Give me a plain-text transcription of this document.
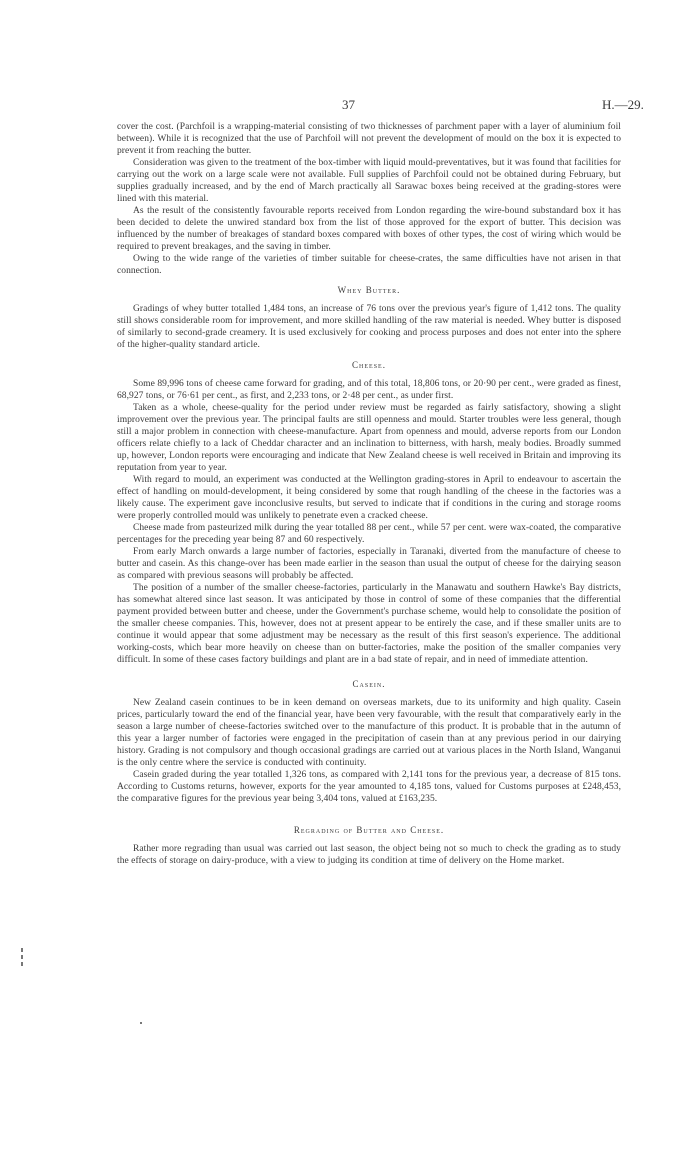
37	H.—29.

cover the cost. (Parchfoil is a wrapping-material consisting of two thicknesses of parchment paper with a layer of aluminium foil between). While it is recognized that the use of Parchfoil will not prevent the development of mould on the box it is expected to prevent it from reaching the butter.

Consideration was given to the treatment of the box-timber with liquid mould-preventatives, but it was found that facilities for carrying out the work on a large scale were not available. Full supplies of Parchfoil could not be obtained during February, but supplies gradually increased, and by the end of March practically all Sarawac boxes being received at the grading-stores were lined with this material.

As the result of the consistently favourable reports received from London regarding the wire-bound substandard box it has been decided to delete the unwired standard box from the list of those approved for the export of butter. This decision was influenced by the number of breakages of standard boxes compared with boxes of other types, the cost of wiring which would be required to prevent breakages, and the saving in timber.

Owing to the wide range of the varieties of timber suitable for cheese-crates, the same difficulties have not arisen in that connection.

Whey Butter.

Gradings of whey butter totalled 1,484 tons, an increase of 76 tons over the previous year's figure of 1,412 tons. The quality still shows considerable room for improvement, and more skilled handling of the raw material is needed. Whey butter is disposed of similarly to second-grade creamery. It is used exclusively for cooking and process purposes and does not enter into the sphere of the higher-quality standard article.

Cheese.

Some 89,996 tons of cheese came forward for grading, and of this total, 18,806 tons, or 20·90 per cent., were graded as finest, 68,927 tons, or 76·61 per cent., as first, and 2,233 tons, or 2·48 per cent., as under first.

Taken as a whole, cheese-quality for the period under review must be regarded as fairly satisfactory, showing a slight improvement over the previous year. The principal faults are still openness and mould. Starter troubles were less general, though still a major problem in connection with cheese-manufacture. Apart from openness and mould, adverse reports from our London officers relate chiefly to a lack of Cheddar character and an inclination to bitterness, with harsh, mealy bodies. Broadly summed up, however, London reports were encouraging and indicate that New Zealand cheese is well received in Britain and improving its reputation from year to year.

With regard to mould, an experiment was conducted at the Wellington grading-stores in April to endeavour to ascertain the effect of handling on mould-development, it being considered by some that rough handling of the cheese in the factories was a likely cause. The experiment gave inconclusive results, but served to indicate that if conditions in the curing and storage rooms were properly controlled mould was unlikely to penetrate even a cracked cheese.

Cheese made from pasteurized milk during the year totalled 88 per cent., while 57 per cent. were wax-coated, the comparative percentages for the preceding year being 87 and 60 respectively.

From early March onwards a large number of factories, especially in Taranaki, diverted from the manufacture of cheese to butter and casein. As this change-over has been made earlier in the season than usual the output of cheese for the dairying season as compared with previous seasons will probably be affected.

The position of a number of the smaller cheese-factories, particularly in the Manawatu and southern Hawke's Bay districts, has somewhat altered since last season. It was anticipated by those in control of some of these companies that the differential payment provided between butter and cheese, under the Government's purchase scheme, would help to consolidate the position of the smaller cheese companies. This, however, does not at present appear to be entirely the case, and if these smaller units are to continue it would appear that some adjustment may be necessary as the result of this first season's experience. The additional working-costs, which bear more heavily on cheese than on butter-factories, make the position of the smaller companies very difficult. In some of these cases factory buildings and plant are in a bad state of repair, and in need of immediate attention.

Casein.

New Zealand casein continues to be in keen demand on overseas markets, due to its uniformity and high quality. Casein prices, particularly toward the end of the financial year, have been very favourable, with the result that comparatively early in the season a large number of cheese-factories switched over to the manufacture of this product. It is probable that in the autumn of this year a larger number of factories were engaged in the precipitation of casein than at any previous period in our dairying history. Grading is not compulsory and though occasional gradings are carried out at various places in the North Island, Wanganui is the only centre where the service is conducted with continuity.

Casein graded during the year totalled 1,326 tons, as compared with 2,141 tons for the previous year, a decrease of 815 tons. According to Customs returns, however, exports for the year amounted to 4,185 tons, valued for Customs purposes at £248,453, the comparative figures for the previous year being 3,404 tons, valued at £163,235.

Regrading of Butter and Cheese.

Rather more regrading than usual was carried out last season, the object being not so much to check the grading as to study the effects of storage on dairy-produce, with a view to judging its condition at time of delivery on the Home market.
